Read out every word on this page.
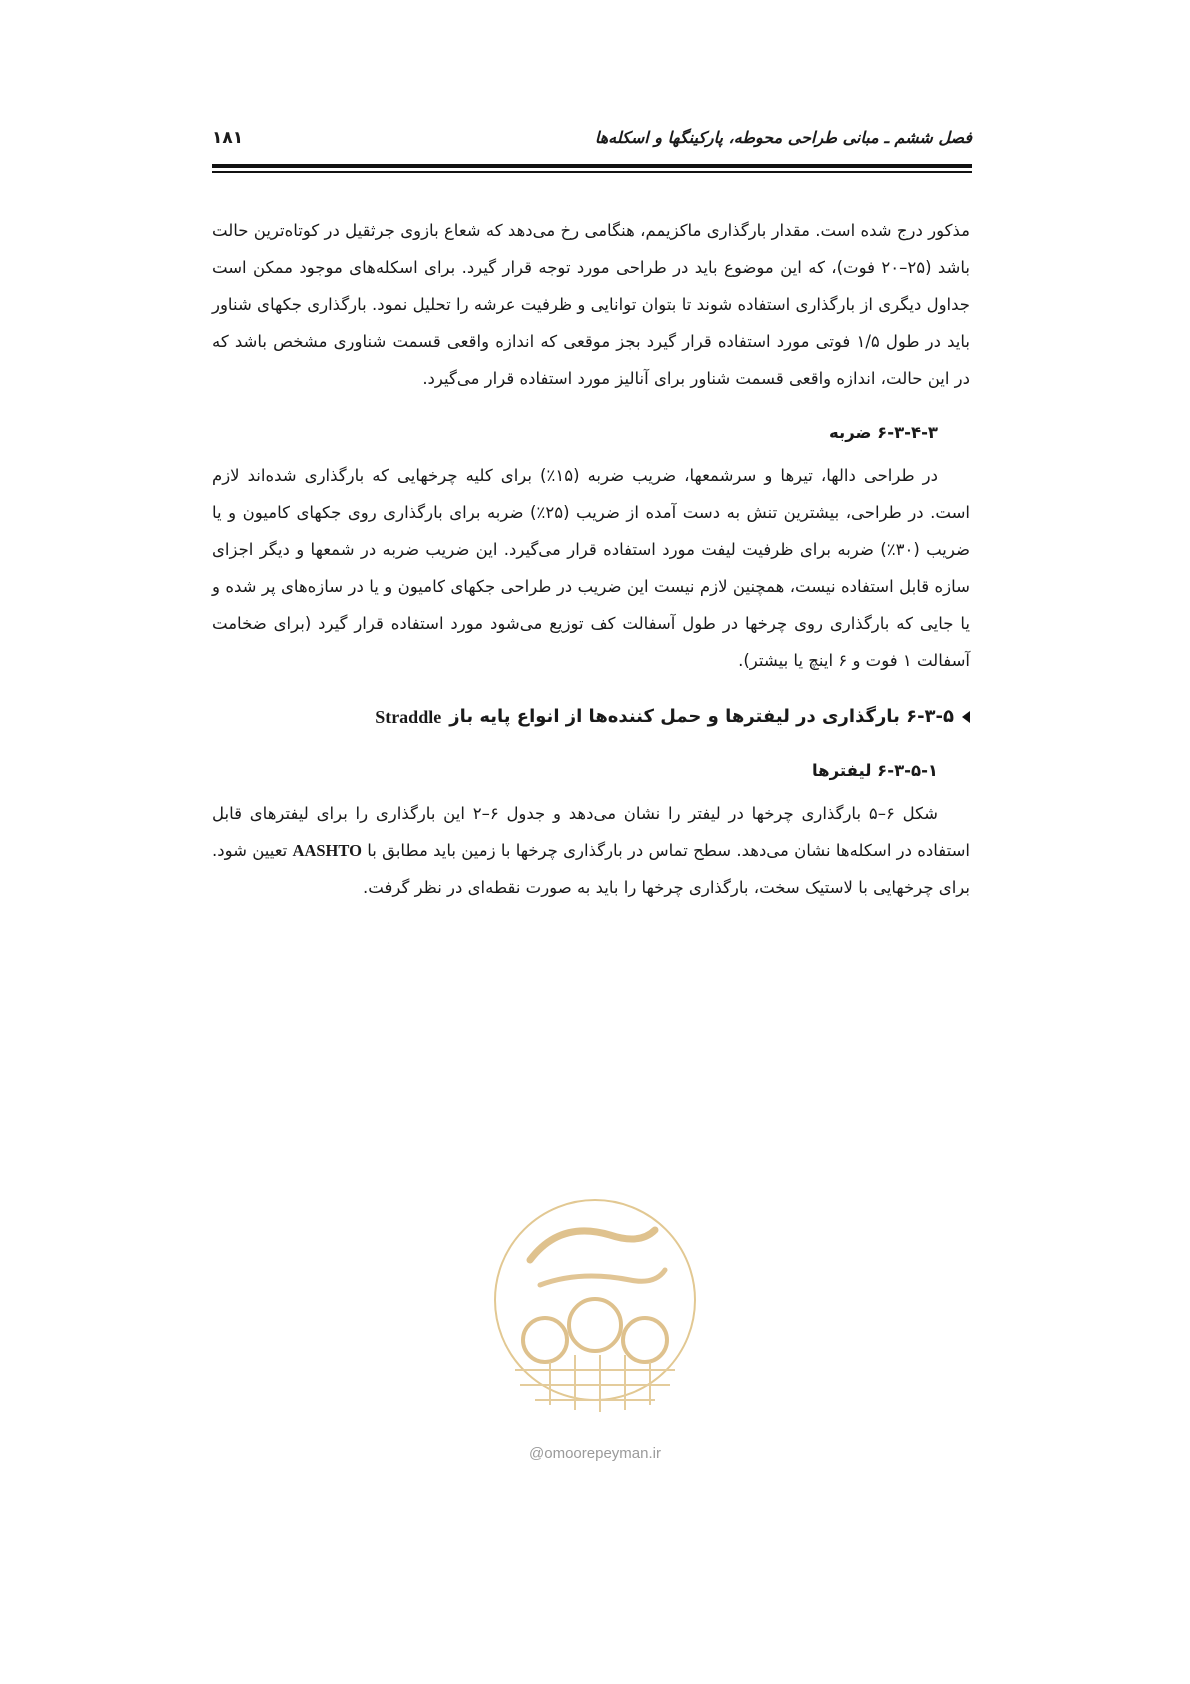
فصل ششم ـ مبانی طراحی محوطه، پارکینگها و اسکله‌ها
۱۸۱

مذکور درج شده است. مقدار بارگذاری ماکزیمم، هنگامی رخ می‌دهد که شعاع بازوی جرثقیل در کوتاه‌ترین حالت باشد (۲۵–۲۰ فوت)، که این موضوع باید در طراحی مورد توجه قرار گیرد. برای اسکله‌های موجود ممکن است جداول دیگری از بارگذاری استفاده شوند تا بتوان توانایی و ظرفیت عرشه را تحلیل نمود. بارگذاری جکهای شناور باید در طول ۱/۵ فوتی مورد استفاده قرار گیرد بجز موقعی که اندازه واقعی قسمت شناوری مشخص باشد که در این حالت، اندازه واقعی قسمت شناور برای آنالیز مورد استفاده قرار می‌گیرد.

۶-۳-۴-۳ ضربه

در طراحی دالها، تیرها و سرشمعها، ضریب ضربه (۱۵٪) برای کلیه چرخهایی که بارگذاری شده‌اند لازم است. در طراحی، بیشترین تنش به دست آمده از ضریب (۲۵٪) ضربه برای بارگذاری روی جکهای کامیون و یا ضریب (۳۰٪) ضربه برای ظرفیت لیفت مورد استفاده قرار می‌گیرد. این ضریب ضربه در شمعها و دیگر اجزای سازه قابل استفاده نیست، همچنین لازم نیست این ضریب در طراحی جکهای کامیون و یا در سازه‌های پر شده و یا جایی که بارگذاری روی چرخها در طول آسفالت کف توزیع می‌شود مورد استفاده قرار گیرد (برای ضخامت آسفالت ۱ فوت و ۶ اینچ یا بیشتر).

۶-۳-۵ بارگذاری در لیفترها و حمل کننده‌ها از انواع پایه باز
Straddle
۶-۳-۵-۱ لیفترها

شکل ۶–۵ بارگذاری چرخها در لیفتر را نشان می‌دهد و جدول ۶–۲ این بارگذاری را برای لیفترهای قابل استفاده در اسکله‌ها نشان می‌دهد. سطح تماس در بارگذاری چرخها با زمین باید مطابق با AASHTO تعیین شود. برای چرخهایی با لاستیک سخت، بارگذاری چرخها را باید به صورت نقطه‌ای در نظر گرفت.

@omoorepeyman.ir
